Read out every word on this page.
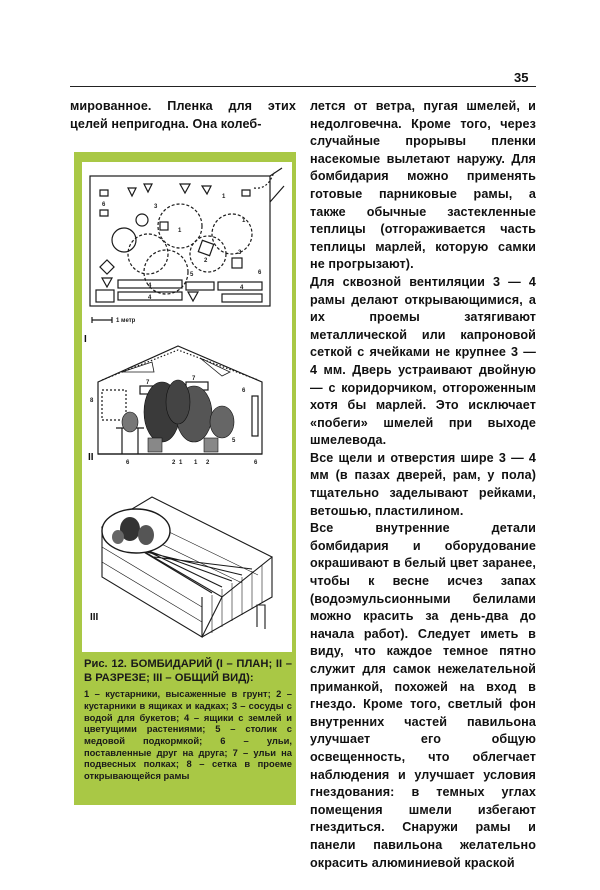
35

мированное. Пленка для этих целей непригодна. Она колеб-

6	3
1
2
3
5
4
4
4
6
1
1
1 метр
I
8
7
7
6	2 1 1 2	6
6
5
II
III
Рис. 12. БОМБИДАРИЙ (I – ПЛАН; II – В РАЗРЕЗЕ; III – ОБЩИЙ ВИД):
1 – кустарники, высаженные в грунт; 2 – кустарники в ящиках и кадках; 3 – сосуды с водой для букетов; 4 – ящики с землей и цветущими растениями; 5 – столик с медовой подкормкой; 6 – ульи, поставленные друг на друга; 7 – ульи на подвесных полках; 8 – сетка в проеме открывающейся рамы

лется от ветра, пугая шмелей, и недолговечна. Кроме того, через случайные прорывы пленки насекомые вылетают наружу. Для бомбидария можно применять готовые парниковые рамы, а также обычные застекленные теплицы (отгораживается часть теплицы марлей, которую самки не прогрызают).

Для сквозной вентиляции 3 — 4 рамы делают открывающимися, а их проемы затягивают металлической или капроновой сеткой с ячейками не крупнее 3 — 4 мм. Дверь устраивают двойную — с коридорчиком, отгороженным хотя бы марлей. Это исключает «побеги» шмелей при выходе шмелевода.

Все щели и отверстия шире 3 — 4 мм (в пазах дверей, рам, у пола) тщательно заделывают рейками, ветошью, пластилином.

Все внутренние детали бомбидария и оборудование окрашивают в белый цвет заранее, чтобы к весне исчез запах (водоэмульсионными белилами можно красить за день-два до начала работ). Следует иметь в виду, что каждое темное пятно служит для самок нежелательной приманкой, похожей на вход в гнездо. Кроме того, светлый фон внутренних частей павильона улучшает его общую освещенность, что облегчает наблюдения и улучшает условия гнездования: в темных углах помещения шмели избегают гнездиться. Снаружи рамы и панели павильона желательно окрасить алюминиевой краской
